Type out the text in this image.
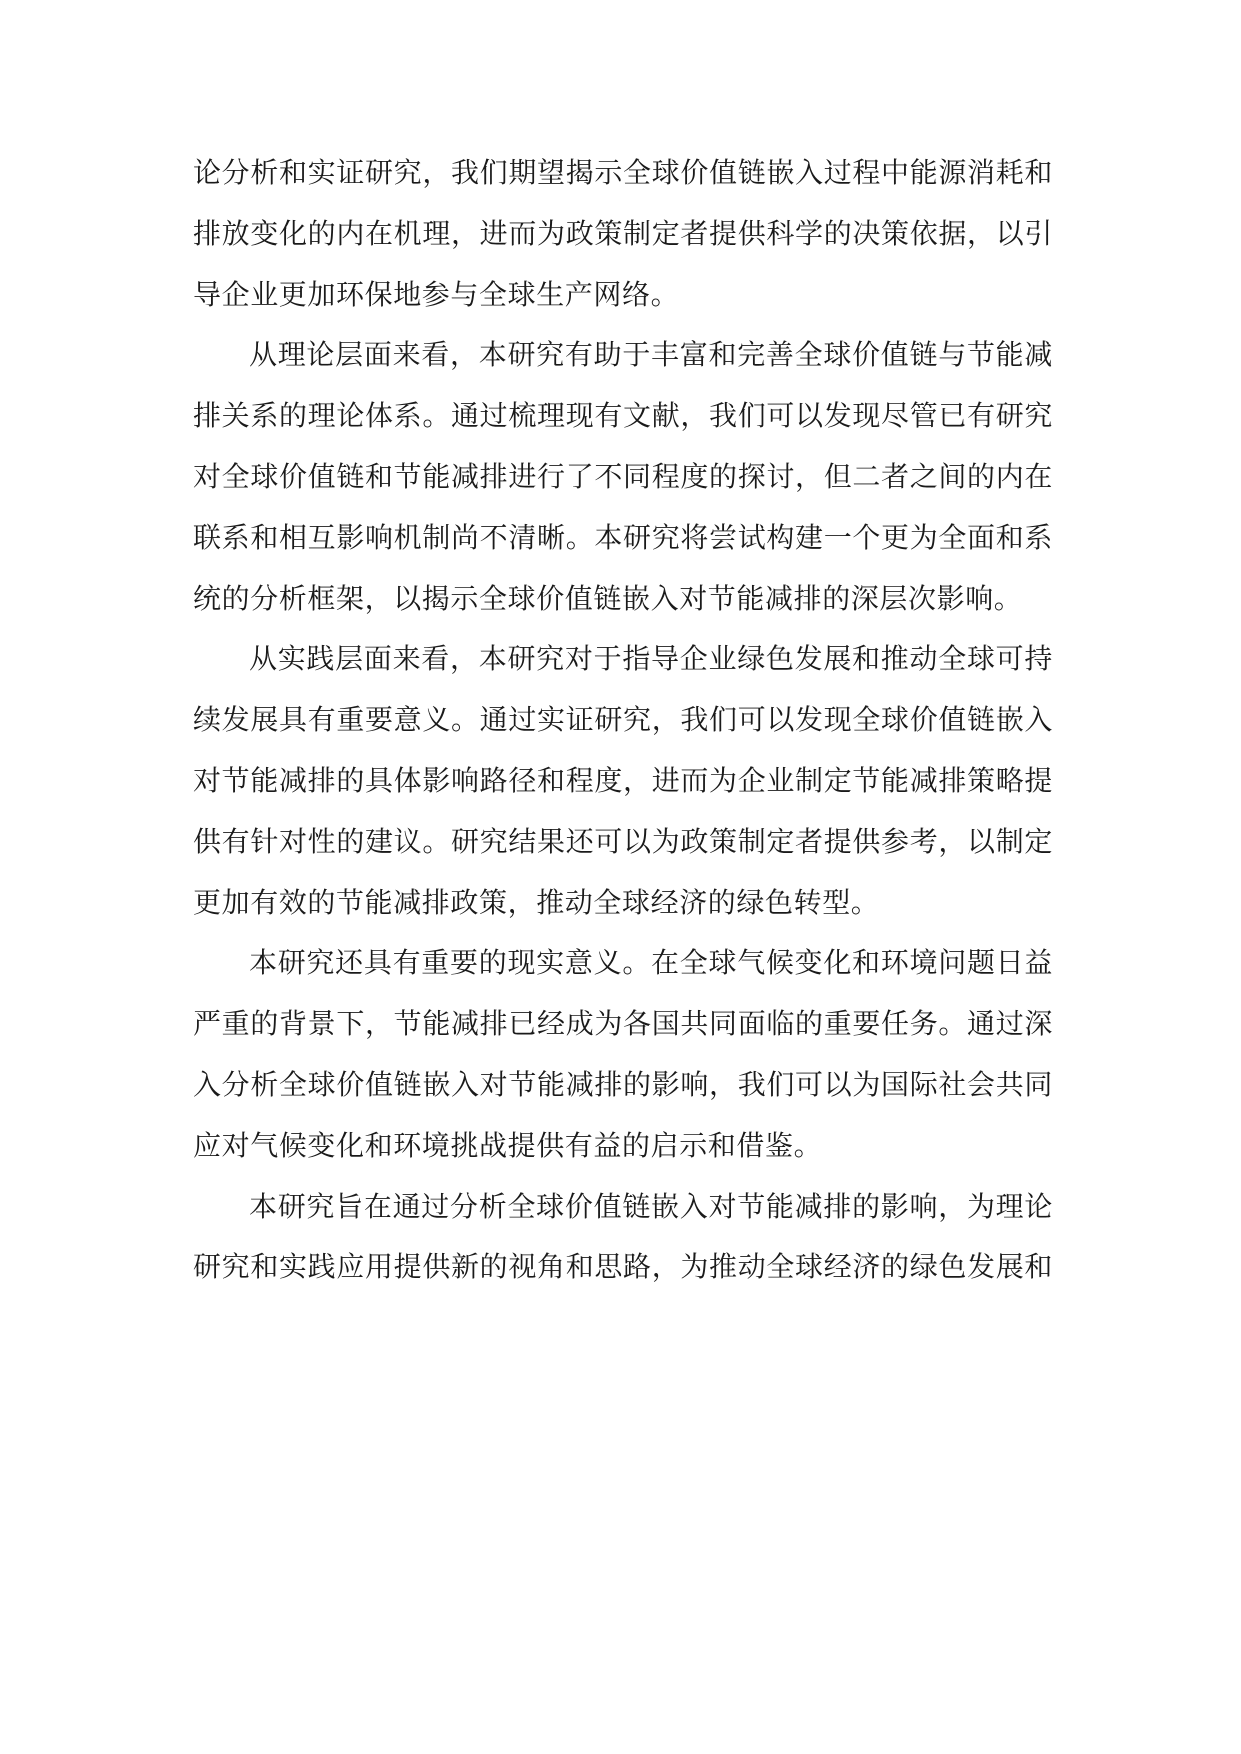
论分析和实证研究，我们期望揭示全球价值链嵌入过程中能源消耗和
排放变化的内在机理，进而为政策制定者提供科学的决策依据，以引
导企业更加环保地参与全球生产网络。
从理论层面来看，本研究有助于丰富和完善全球价值链与节能减
排关系的理论体系。通过梳理现有文献，我们可以发现尽管已有研究
对全球价值链和节能减排进行了不同程度的探讨，但二者之间的内在
联系和相互影响机制尚不清晰。本研究将尝试构建一个更为全面和系
统的分析框架，以揭示全球价值链嵌入对节能减排的深层次影响。
从实践层面来看，本研究对于指导企业绿色发展和推动全球可持
续发展具有重要意义。通过实证研究，我们可以发现全球价值链嵌入
对节能减排的具体影响路径和程度，进而为企业制定节能减排策略提
供有针对性的建议。研究结果还可以为政策制定者提供参考，以制定
更加有效的节能减排政策，推动全球经济的绿色转型。
本研究还具有重要的现实意义。在全球气候变化和环境问题日益
严重的背景下，节能减排已经成为各国共同面临的重要任务。通过深
入分析全球价值链嵌入对节能减排的影响，我们可以为国际社会共同
应对气候变化和环境挑战提供有益的启示和借鉴。
本研究旨在通过分析全球价值链嵌入对节能减排的影响，为理论
研究和实践应用提供新的视角和思路，为推动全球经济的绿色发展和
